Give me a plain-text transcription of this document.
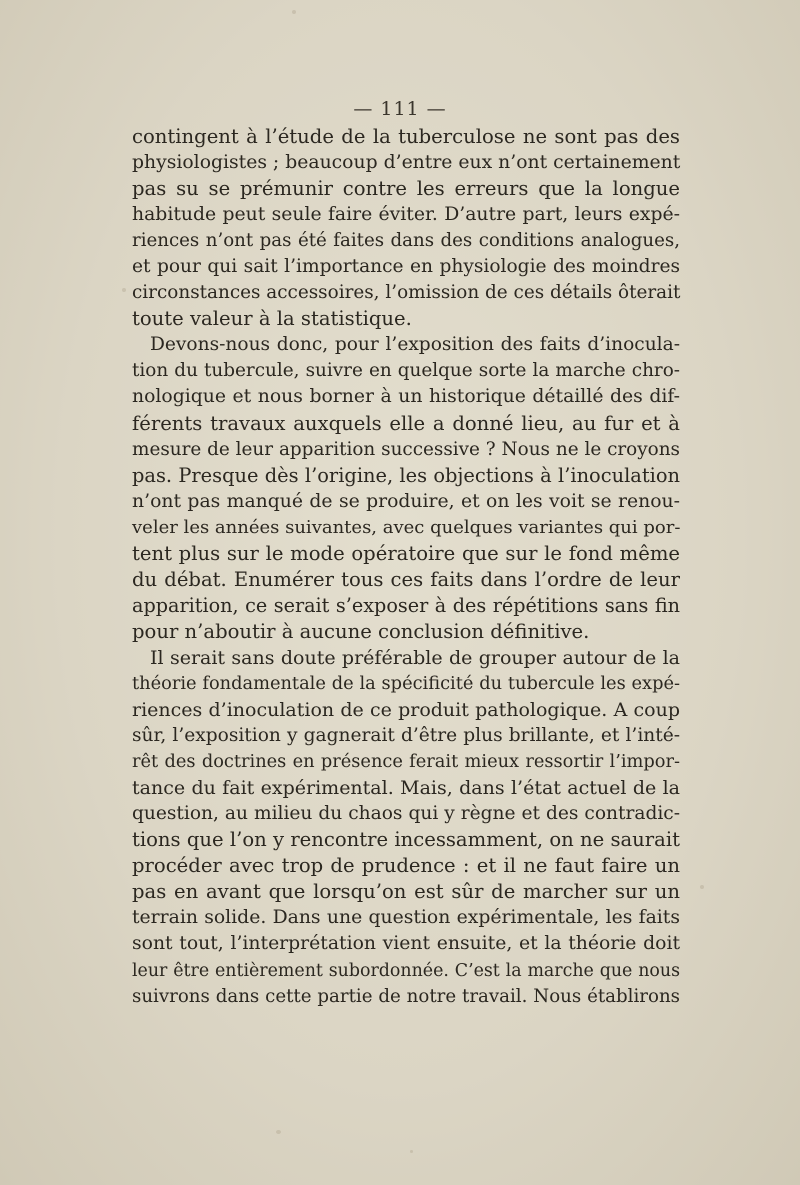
— 111 —
contingent à l’étude de la tuberculose ne sont pas des
physiologistes ; beaucoup d’entre eux n’ont certainement
pas su se prémunir contre les erreurs que la longue
habitude peut seule faire éviter. D’autre part, leurs expé-
riences n’ont pas été faites dans des conditions analogues,
et pour qui sait l’importance en physiologie des moindres
circonstances accessoires, l’omission de ces détails ôterait
toute valeur à la statistique.
Devons-nous donc, pour l’exposition des faits d’inocula-
tion du tubercule, suivre en quelque sorte la marche chro-
nologique et nous borner à un historique détaillé des dif-
férents travaux auxquels elle a donné lieu, au fur et à
mesure de leur apparition successive ? Nous ne le croyons
pas. Presque dès l’origine, les objections à l’inoculation
n’ont pas manqué de se produire, et on les voit se renou-
veler les années suivantes, avec quelques variantes qui por-
tent plus sur le mode opératoire que sur le fond même
du débat. Enumérer tous ces faits dans l’ordre de leur
apparition, ce serait s’exposer à des répétitions sans fin
pour n’aboutir à aucune conclusion définitive.
Il serait sans doute préférable de grouper autour de la
théorie fondamentale de la spécificité du tubercule les expé-
riences d’inoculation de ce produit pathologique. A coup
sûr, l’exposition y gagnerait d’être plus brillante, et l’inté-
rêt des doctrines en présence ferait mieux ressortir l’impor-
tance du fait expérimental. Mais, dans l’état actuel de la
question, au milieu du chaos qui y règne et des contradic-
tions que l’on y rencontre incessamment, on ne saurait
procéder avec trop de prudence : et il ne faut faire un
pas en avant que lorsqu’on est sûr de marcher sur un
terrain solide. Dans une question expérimentale, les faits
sont tout, l’interprétation vient ensuite, et la théorie doit
leur être entièrement subordonnée. C’est la marche que nous
suivrons dans cette partie de notre travail. Nous établirons
